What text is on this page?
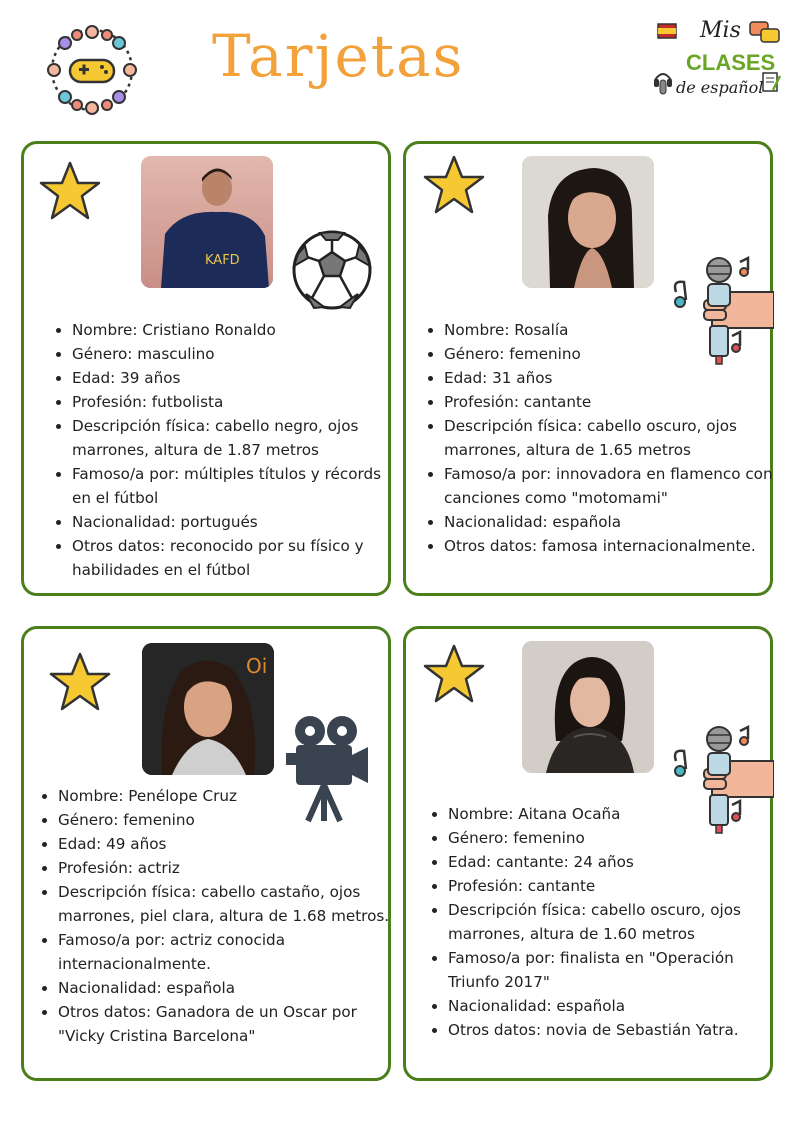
Tarjetas	Mis
CLASES
de español
KAFD
Nombre: Cristiano Ronaldo
Género: masculino
Edad: 39 años
Profesión: futbolista
Descripción física: cabello negro, ojos marrones, altura de 1.87 metros
Famoso/a por: múltiples títulos y récords en el fútbol
Nacionalidad: portugués
Otros datos: reconocido por su físico y habilidades en el fútbol
Nombre: Rosalía
Género: femenino
Edad: 31 años
Profesión: cantante
Descripción física: cabello oscuro, ojos marrones, altura de 1.65 metros
Famoso/a por: innovadora en flamenco con canciones como "motomami"
Nacionalidad: española
Otros datos: famosa internacionalmente.
Oi
Nombre: Penélope Cruz
Género: femenino
Edad: 49 años
Profesión: actriz
Descripción física: cabello castaño, ojos marrones, piel clara, altura de 1.68 metros.
Famoso/a por: actriz conocida internacionalmente.
Nacionalidad: española
Otros datos: Ganadora de un Oscar por "Vicky Cristina Barcelona"
Nombre: Aitana Ocaña
Género: femenino
Edad: cantante: 24 años
Profesión: cantante
Descripción física: cabello oscuro, ojos marrones, altura de 1.60 metros
Famoso/a por: finalista en "Operación Triunfo 2017"
Nacionalidad: española
Otros datos: novia de Sebastián Yatra.
